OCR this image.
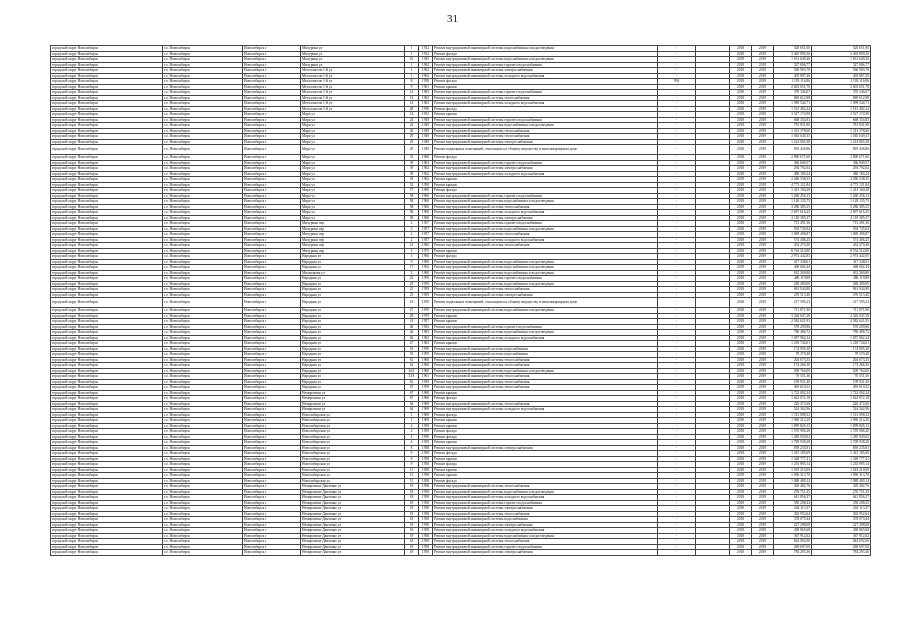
31
городской округ Новосибирск	г.о. Новосибирск	Новосибирск г	Мичурина ул	1	1932	Ремонт внутридомовой инженерной системы водоснабжения и водоотведения	-		2018	2019	528 651,00	528 651,00
городской округ Новосибирск	г.о. Новосибирск	Новосибирск г	Мичурина ул	1	1932	Ремонт фасада	-		2018	2019	3 465 890,36	3 465 890,36
городской округ Новосибирск	г.о. Новосибирск	Новосибирск г	Мичурина ул	16	1943	Ремонт внутридомовой инженерной системы водоснабжения и водоотведения	-		2018	2019	1 631 649,26	1 631 649,26
городской округ Новосибирск	г.о. Новосибирск	Новосибирск г	Мичурина ул	1	1962	Ремонт внутридомовой инженерной системы горячего водоснабжения	-		2018	2019	327 806,77	327 806,77
городской округ Новосибирск	г.о. Новосибирск	Новосибирск г	Металлистов 1-й ул	1	1962	Ремонт внутридомовой инженерной системы электроснабжения	-		2018	2019	566 903,78	566 903,78
городской округ Новосибирск	г.о. Новосибирск	Новосибирск г	Металлистов 1-й ул	1	1962	Ремонт внутридомовой инженерной системы холодного водоснабжения	-		2018	2019	405 897,20	405 897,20
городской округ Новосибирск	г.о. Новосибирск	Новосибирск г	Металлистов 1-й ул	8	1958	Ремонт фасада	994		2018	2019	1 193 116,86	1 193 116,86
городской округ Новосибирск	г.о. Новосибирск	Новосибирск г	Металлистов 1-й ул	9	1961	Ремонт крыши	-		2018	2019	2 603 651,70	2 603 651,70
городской округ Новосибирск	г.о. Новосибирск	Новосибирск г	Металлистов 1-й ул	14	1963	Ремонт внутридомовой инженерной системы горячего водоснабжения	-		2018	2019	370 346,07	370 346,07
городской округ Новосибирск	г.о. Новосибирск	Новосибирск г	Металлистов 1-й ул	14	1963	Ремонт внутридомовой инженерной системы теплоснабжения	-		2018	2019	869 612,98	869 612,98
городской округ Новосибирск	г.о. Новосибирск	Новосибирск г	Металлистов 1-й ул	14	1963	Ремонт внутридомовой инженерной системы холодного водоснабжения	-		2018	2019	1 099 544,71	1 099 544,71
городской округ Новосибирск	г.о. Новосибирск	Новосибирск г	Металлистов 1-й ул	28	1958	Ремонт фасада	-		2018	2019	1 513 482,24	1 513 482,24
городской округ Новосибирск	г.о. Новосибирск	Новосибирск г	Мира ул	14	1952	Ремонт крыши	-		2018	2019	3 527 174,98	3 527 174,98
городской округ Новосибирск	г.о. Новосибирск	Новосибирск г	Мира ул	24	1949	Ремонт внутридомовой инженерной системы горячего водоснабжения	-		2018	2019	668 354,83	668 354,83
городской округ Новосибирск	г.о. Новосибирск	Новосибирск г	Мира ул	24	1949	Ремонт внутридомовой инженерной системы водоснабжения и водоотведения	-		2018	2019	781 831,80	781 831,80
городской округ Новосибирск	г.о. Новосибирск	Новосибирск г	Мира ул	26	1949	Ремонт внутридомовой инженерной системы теплоснабжения	-		2018	2019	1 313 378,60	1 313 378,60
городской округ Новосибирск	г.о. Новосибирск	Новосибирск г	Мира ул	29	1949	Ремонт внутридомовой инженерной системы теплоснабжения	-		2018	2019	1 565 049,35	1 565 049,35
городской округ Новосибирск	г.о. Новосибирск	Новосибирск г	Мира ул	29	1949	Ремонт внутридомовой инженерной системы электроснабжения	-		2018	2019	1 214 965,38	1 214 965,38
городской округ Новосибирск	г.о. Новосибирск	Новосибирск г	Мира ул	29	1949	Ремонт подвальных помещений, относящихся к общему имуществу в многоквартирном доме	-		2018	2019	693 436,86	693 436,86
городской округ Новосибирск	г.о. Новосибирск	Новосибирск г	Мира ул	33	1960	Ремонт фасада	-		2018	2019	2 800 671,60	2 800 671,60
городской округ Новосибирск	г.о. Новосибирск	Новосибирск г	Мира ул	39	1962	Ремонт внутридомовой инженерной системы горячего водоснабжения	-		2018	2019	366 849,57	366 849,57
городской округ Новосибирск	г.о. Новосибирск	Новосибирск г	Мира ул	39	1962	Ремонт внутридомовой инженерной системы электроснабжения	-		2018	2019	294 792,04	294 792,04
городской округ Новосибирск	г.о. Новосибирск	Новосибирск г	Мира ул	39	1962	Ремонт внутридомовой инженерной системы холодного водоснабжения	-		2018	2019	480 184,24	480 184,24
городской округ Новосибирск	г.о. Новосибирск	Новосибирск г	Мира ул	39	1962	Ремонт крыши	-		2018	2019	2 286 538,35	2 286 538,35
городской округ Новосибирск	г.о. Новосибирск	Новосибирск г	Мира ул	52	1958	Ремонт крыши	-		2018	2019	4 773 121,84	4 773 121,84
городской округ Новосибирск	г.о. Новосибирск	Новосибирск г	Мира ул	57	1960	Ремонт фасада	-		2018	2019	1 413 160,28	1 413 160,28
городской округ Новосибирск	г.о. Новосибирск	Новосибирск г	Мира ул	58	1960	Ремонт внутридомовой инженерной системы горячего водоснабжения	-		2018	2019	1 260 256,13	1 260 256,13
городской округ Новосибирск	г.о. Новосибирск	Новосибирск г	Мира ул	58	1960	Ремонт внутридомовой инженерной системы водоснабжения и водоотведения	-		2018	2019	1 128 135,75	1 128 135,75
городской округ Новосибирск	г.о. Новосибирск	Новосибирск г	Мира ул	58	1960	Ремонт внутридомовой инженерной системы теплоснабжения	-		2018	2019	3 286 385,25	3 286 385,25
городской округ Новосибирск	г.о. Новосибирск	Новосибирск г	Мира ул	58	1960	Ремонт внутридомовой инженерной системы холодного водоснабжения	-		2018	2019	2 697 616,25	2 697 616,25
городской округ Новосибирск	г.о. Новосибирск	Новосибирск г	Мира ул	58	1960	Ремонт внутридомовой инженерной системы электроснабжения	-		2018	2019	2 118 385,37	2 118 385,37
городской округ Новосибирск	г.о. Новосибирск	Новосибирск г	Мичурина пер	2	1957	Ремонт внутридомовой инженерной системы горячего водоснабжения	-		2018	2019	713 491,36	713 491,36
городской округ Новосибирск	г.о. Новосибирск	Новосибирск г	Мичурина пер	2	1957	Ремонт внутридомовой инженерной системы водоснабжения и водоотведения	-		2018	2019	594 745,04	594 745,04
городской округ Новосибирск	г.о. Новосибирск	Новосибирск г	Мичурина пер	2	1957	Ремонт внутридомовой инженерной системы теплоснабжения	-		2018	2019	1 069 496,87	1 069 496,87
городской округ Новосибирск	г.о. Новосибирск	Новосибирск г	Мичурина пер	2	1957	Ремонт внутридомовой инженерной системы холодного водоснабжения	-		2018	2019	574 406,25	574 406,25
городской округ Новосибирск	г.о. Новосибирск	Новосибирск г	Мичурина пер	14	1960	Ремонт внутридомовой инженерной системы теплоснабжения	-		2018	2019	432 270,40	432 270,40
городской округ Новосибирск	г.о. Новосибирск	Новосибирск г	Мичурина пер	5	1975	Ремонт крыши	-		2018	2019	8 764 314,80	8 764 314,80
городской округ Новосибирск	г.о. Новосибирск	Новосибирск г	Народная ул	3	1966	Ремонт фасада	-		2018	2019	2 974 442,85	2 974 442,85
городской округ Новосибирск	г.о. Новосибирск	Новосибирск г	Народная ул	9	1969	Ремонт внутридомовой инженерной системы водоснабжения и водоотведения	-		2018	2019	417 348,61	417 348,61
городской округ Новосибирск	г.о. Новосибирск	Новосибирск г	Народная ул	17	1962	Ремонт внутридомовой инженерной системы водоснабжения и водоотведения	-		2018	2019	468 602,44	468 602,44
городской округ Новосибирск	г.о. Новосибирск	Новосибирск г	Мильчакова ул	2	1960	Ремонт внутридомовой инженерной системы водоснабжения и водоотведения	-		2018	2019	632 269,80	632 269,80
городской округ Новосибирск	г.о. Новосибирск	Новосибирск г	Народная ул	23	1959	Ремонт внутридомовой инженерной системы горячего водоснабжения	-		2018	2019	486 119,88	486 119,88
городской округ Новосибирск	г.о. Новосибирск	Новосибирск г	Народная ул	23	1959	Ремонт внутридомовой инженерной системы водоснабжения и водоотведения	-		2018	2019	269 409,00	269 409,00
городской округ Новосибирск	г.о. Новосибирск	Новосибирск г	Народная ул	23	1959	Ремонт внутридомовой инженерной системы теплоснабжения	-		2018	2019	961 944,80	961 944,80
городской округ Новосибирск	г.о. Новосибирск	Новосибирск г	Народная ул	23	1959	Ремонт внутридомовой инженерной системы электроснабжения	-		2018	2019	270 513,40	270 513,40
городской округ Новосибирск	г.о. Новосибирск	Новосибирск г	Народная ул	23	1959	Ремонт подвальных помещений, относящихся к общему имуществу в многоквартирном доме	-		2018	2019	217 595,23	217 595,23
городской округ Новосибирск	г.о. Новосибирск	Новосибирск г	Народная ул	27	1959	Ремонт внутридомовой инженерной системы водоснабжения и водоотведения	-		2018	2019	711 871,90	711 871,90
городской округ Новосибирск	г.о. Новосибирск	Новосибирск г	Народная ул	28	1979	Ремонт крыши	-		2018	2019	3 326 047,28	3 326 047,28
городской округ Новосибирск	г.о. Новосибирск	Новосибирск г	Народная ул	41	1957	Ремонт крыши	-		2018	2019	2 582 621,93	2 582 621,93
городской округ Новосибирск	г.о. Новосибирск	Новосибирск г	Народная ул	46	1963	Ремонт внутридомовой инженерной системы горячего водоснабжения	-		2018	2019	570 209,86	570 209,86
городской округ Новосибирск	г.о. Новосибирск	Новосибирск г	Народная ул	46	1963	Ремонт внутридомовой инженерной системы водоснабжения и водоотведения	-		2018	2019	786 486,72	786 486,72
городской округ Новосибирск	г.о. Новосибирск	Новосибирск г	Народная ул	46	1963	Ремонт внутридомовой инженерной системы холодного водоснабжения	-		2018	2019	1 057 962,34	1 057 962,34
городской округ Новосибирск	г.о. Новосибирск	Новосибирск г	Народная ул	47	1963	Ремонт крыши	-		2018	2019	1 218 744,61	1 218 744,61
городской округ Новосибирск	г.о. Новосибирск	Новосибирск г	Народная ул	53	1959	Ремонт внутридомовой инженерной системы водоснабжения	-		2018	2019	174 905,30	174 905,30
городской округ Новосибирск	г.о. Новосибирск	Новосибирск г	Народная ул	55	1959	Ремонт внутридомовой инженерной системы водоснабжения	-		2018	2019	78 370,40	78 370,40
городской округ Новосибирск	г.о. Новосибирск	Новосибирск г	Народная ул	61	1960	Ремонт внутридомовой инженерной системы теплоснабжения	-		2018	2019	204 673,35	204 673,35
городской округ Новосибирск	г.о. Новосибирск	Новосибирск г	Народная ул	62	1960	Ремонт внутридомовой инженерной системы теплоснабжения	-		2018	2019	174 266,30	174 266,30
городской округ Новосибирск	г.о. Новосибирск	Новосибирск г	Народная ул	26А	1960	Ремонт внутридомовой инженерной системы водоснабжения и водоотведения	-		2018	2019	509 764,00	509 764,00
городской округ Новосибирск	г.о. Новосибирск	Новосибирск г	Народная ул	33А	1961	Ремонт внутридомовой инженерной системы теплоснабжения	-		2018	2019	70 551,30	70 551,30
городской округ Новосибирск	г.о. Новосибирск	Новосибирск г	Народная ул	63	1959	Ремонт внутридомовой инженерной системы теплоснабжения	-		2018	2019	109 931,40	109 931,40
городской округ Новосибирск	г.о. Новосибирск	Новосибирск г	Народная ул	67	1959	Ремонт внутридомовой инженерной системы теплоснабжения	-		2018	2019	493 610,52	493 610,52
городской округ Новосибирск	г.о. Новосибирск	Новосибирск г	Немировича ул	67	1960	Ремонт крыши	-		2018	2019	1 722 092,24	1 722 092,24
городской округ Новосибирск	г.о. Новосибирск	Новосибирск г	Немировича ул	67	1960	Ремонт фасада	-		2018	2019	1 624 072,18	1 624 072,18
городской округ Новосибирск	г.о. Новосибирск	Новосибирск г	Немировича ул	64	1969	Ремонт внутридомовой инженерной системы теплоснабжения	-		2018	2019	226 472,60	226 472,60
городской округ Новосибирск	г.о. Новосибирск	Новосибирск г	Немировича ул	64	1969	Ремонт внутридомовой инженерной системы холодного водоснабжения	-		2018	2019	524 362,96	524 362,96
городской округ Новосибирск	г.о. Новосибирск	Новосибирск г	Новосибирская ул	1	1969	Ремонт фасада	-		2018	2019	1 513 098,32	1 513 098,32
городской округ Новосибирск	г.о. Новосибирск	Новосибирск г	Новосибирская ул	1	1969	Ремонт крыши	-		2018	2019	1 960 214,20	1 960 214,20
городской округ Новосибирск	г.о. Новосибирск	Новосибирск г	Новосибирская ул	2	1959	Ремонт крыши	-		2018	2019	1 899 826,13	1 899 826,13
городской округ Новосибирск	г.о. Новосибирск	Новосибирск г	Новосибирская ул	2	1959	Ремонт фасада	-		2018	2019	1 570 906,20	1 570 906,20
городской округ Новосибирск	г.о. Новосибирск	Новосибирск г	Новосибирская ул	4	1959	Ремонт фасада	-		2018	2019	1 285 920,02	1 285 920,02
городской округ Новосибирск	г.о. Новосибирск	Новосибирск г	Новосибирская ул	4	1959	Ремонт крыши	-		2018	2019	1 709 938,28	1 709 938,28
городской округ Новосибирск	г.о. Новосибирск	Новосибирск г	Новосибирская ул	8	1958	Ремонт внутридомовой инженерной системы электроснабжения	-		2018	2019	839 235,81	839 235,81
городской округ Новосибирск	г.о. Новосибирск	Новосибирск г	Новосибирская ул	9	1958	Ремонт фасада	-		2018	2019	1 415 185,69	1 415 185,69
городской округ Новосибирск	г.о. Новосибирск	Новосибирск г	Новосибирская ул	9	1958	Ремонт крыши	-		2018	2019	1 328 777,41	1 328 777,41
городской округ Новосибирск	г.о. Новосибирск	Новосибирск г	Новосибирская ул	9	1958	Ремонт фасада	-		2018	2019	1 235 895,14	1 235 895,14
городской округ Новосибирск	г.о. Новосибирск	Новосибирск г	Новосибирская ул	11	1958	Ремонт крыши	-		2018	2019	1 019 210,00	1 019 210,00
городской округ Новосибирск	г.о. Новосибирск	Новосибирск г	Новосибирская ул	13	1958	Ремонт крыши	-		2018	2019	1 096 313,70	1 096 313,70
городской округ Новосибирск	г.о. Новосибирск	Новосибирск г	Новосибирская ул	15	1958	Ремонт фасада	-		2018	2019	1 088 480,14	1 088 480,14
городской округ Новосибирск	г.о. Новосибирск	Новосибирск г	Немировича-Данченко ул	18	1958	Ремонт внутридомовой инженерной системы теплоснабжения	-		2018	2019	328 482,76	328 482,76
городской округ Новосибирск	г.о. Новосибирск	Новосибирск г	Немировича-Данченко ул	18	1958	Ремонт внутридомовой инженерной системы водоснабжения и водоотведения	-		2018	2019	276 751,45	276 751,45
городской округ Новосибирск	г.о. Новосибирск	Новосибирск г	Немировича-Данченко ул	18	1958	Ремонт внутридомовой инженерной системы холодного водоснабжения	-		2018	2019	641 856,37	641 856,37
городской округ Новосибирск	г.о. Новосибирск	Новосибирск г	Немировича-Данченко ул	18	1958	Ремонт внутридомовой инженерной системы горячего водоснабжения	-		2018	2019	350 208,43	350 208,43
городской округ Новосибирск	г.о. Новосибирск	Новосибирск г	Немировича-Данченко ул	18	1958	Ремонт внутридомовой инженерной системы электроснабжения	-		2018	2019	244 113,37	244 113,37
городской округ Новосибирск	г.о. Новосибирск	Новосибирск г	Немировича-Данченко ул	18	1958	Ремонт внутридомовой инженерной системы теплоснабжения	-		2018	2019	302 952,64	302 952,64
городской округ Новосибирск	г.о. Новосибирск	Новосибирск г	Немировича-Данченко ул	18	1958	Ремонт внутридомовой инженерной системы водоснабжения	-		2018	2019	378 079,44	378 079,44
городской округ Новосибирск	г.о. Новосибирск	Новосибирск г	Немировича-Данченко ул	18	1958	Ремонт внутридомовой инженерной системы электроснабжения	-		2018	2019	227 298,08	227 298,08
городской округ Новосибирск	г.о. Новосибирск	Новосибирск г	Немировича-Данченко ул	18	1958	Ремонт внутридомовой инженерной системы холодного водоснабжения	-		2018	2019	438 865,68	438 865,68
городской округ Новосибирск	г.о. Новосибирск	Новосибирск г	Немировича-Данченко ул	18	1958	Ремонт внутридомовой инженерной системы водоснабжения и водоотведения	-		2018	2019	367 912,62	367 912,62
городской округ Новосибирск	г.о. Новосибирск	Новосибирск г	Немировича-Данченко ул	18	1958	Ремонт внутридомовой инженерной системы теплоснабжения	-		2018	2019	844 092,00	844 092,00
городской округ Новосибирск	г.о. Новосибирск	Новосибирск г	Немировича-Данченко ул	18	1958	Ремонт внутридомовой инженерной системы горячего водоснабжения	-		2018	2019	269 697,00	269 697,00
городской округ Новосибирск	г.о. Новосибирск	Новосибирск г	Немировича-Данченко ул	18	1958	Ремонт внутридомовой инженерной системы электроснабжения	-		2018	2019	784 293,36	784 293,36
